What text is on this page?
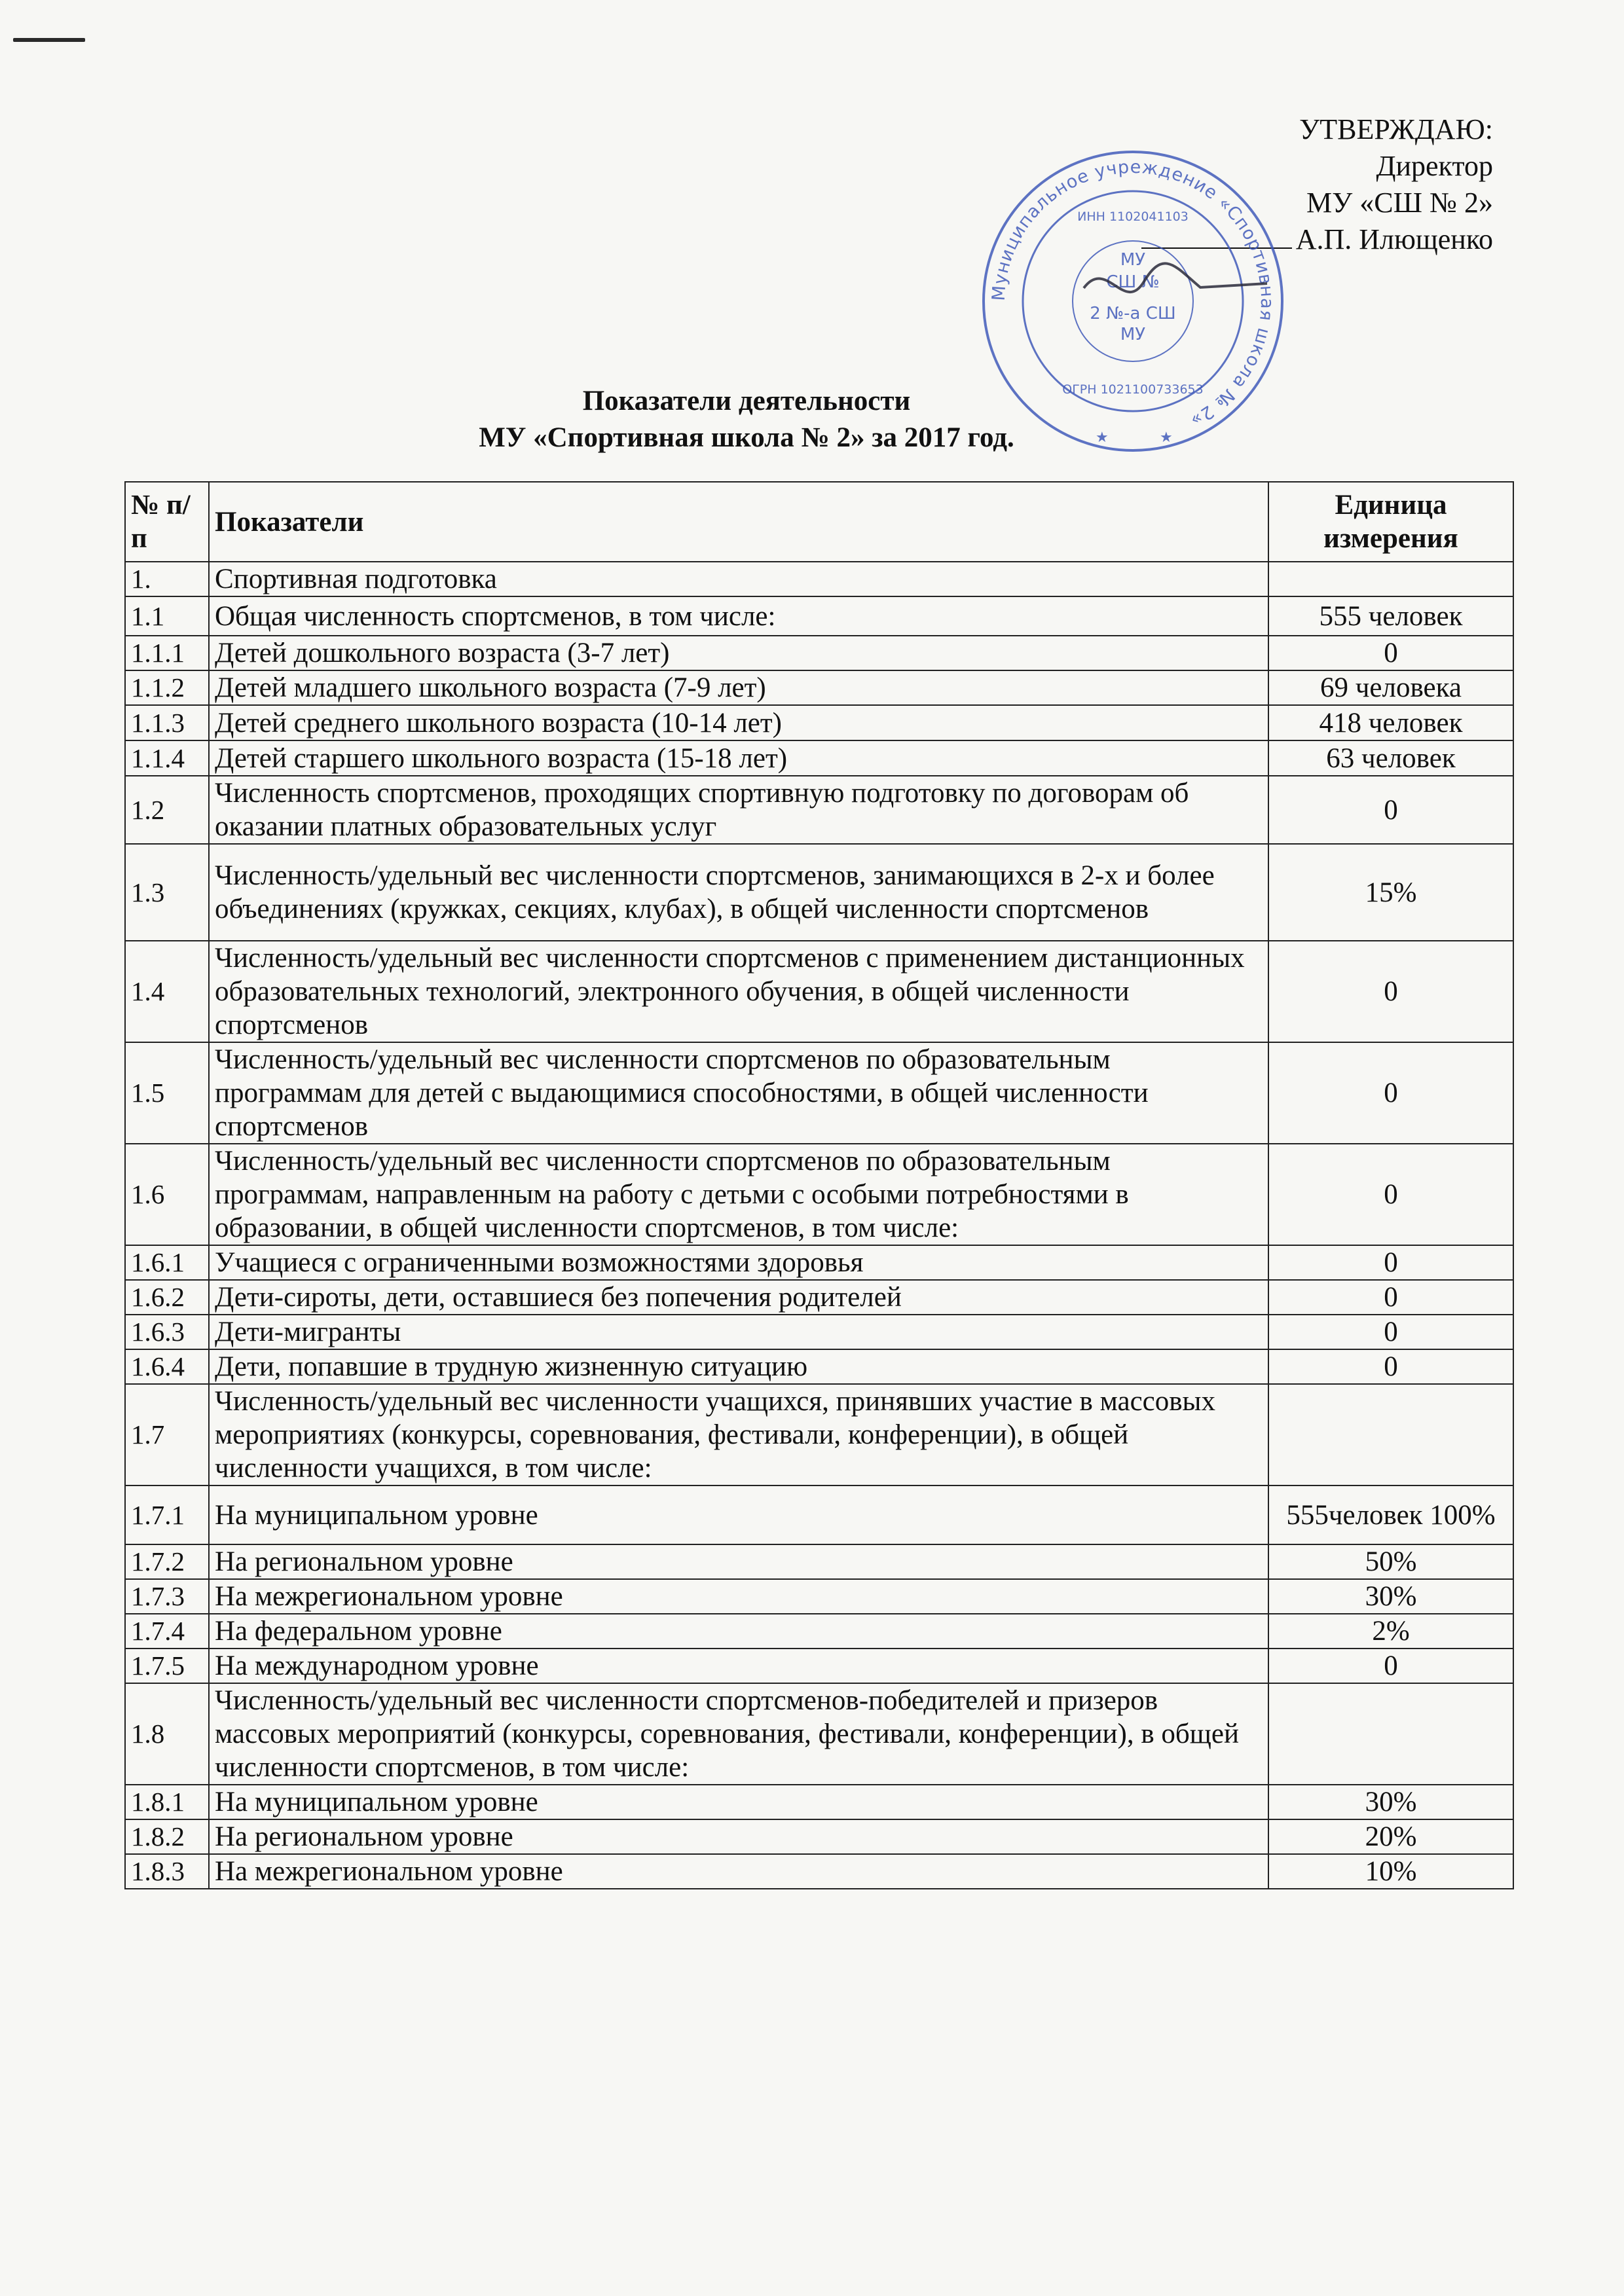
УТВЕРЖДАЮ:
Директор
МУ «СШ № 2»
А.П. Илющенко
Муниципальное учреждение «Спортивная школа № 2»
ИНН 1102041103
ОГРН 1021100733653
МУ
СШ №
2 №-а СШ
МУ
★	★
Показатели деятельности
МУ «Спортивная школа № 2» за 2017 год.
№ п/п	Показатели	Единица измерения
1.	Спортивная подготовка	
1.1	Общая численность спортсменов, в том числе:	555 человек
1.1.1	Детей дошкольного возраста (3-7 лет)	0
1.1.2	Детей младшего школьного возраста (7-9 лет)	69 человека
1.1.3	Детей среднего школьного возраста (10-14 лет)	418 человек
1.1.4	Детей старшего школьного возраста (15-18 лет)	63 человек
1.2	Численность спортсменов, проходящих спортивную подготовку по договорам об оказании платных образовательных услуг	0
1.3	Численность/удельный вес численности спортсменов, занимающихся в 2-х и более объединениях (кружках, секциях, клубах), в общей численности спортсменов	15%
1.4	Численность/удельный вес численности спортсменов с применением дистанционных образовательных технологий, электронного обучения, в общей численности спортсменов	0
1.5	Численность/удельный вес численности спортсменов по образовательным программам для детей с выдающимися способностями, в общей численности спортсменов	0
1.6	Численность/удельный вес численности спортсменов по образовательным программам, направленным на работу с детьми с особыми потребностями в образовании, в общей численности спортсменов, в том числе:	0
1.6.1	Учащиеся с ограниченными возможностями здоровья	0
1.6.2	Дети-сироты, дети, оставшиеся без попечения родителей	0
1.6.3	Дети-мигранты	0
1.6.4	Дети, попавшие в трудную жизненную ситуацию	0
1.7	Численность/удельный вес численности учащихся, принявших участие в массовых мероприятиях (конкурсы, соревнования, фестивали, конференции), в общей численности учащихся, в том числе:	
1.7.1	На муниципальном уровне	555человек 100%
1.7.2	На региональном уровне	50%
1.7.3	На межрегиональном уровне	30%
1.7.4	На федеральном уровне	2%
1.7.5	На международном уровне	0
1.8	Численность/удельный вес численности спортсменов-победителей и призеров массовых мероприятий (конкурсы, соревнования, фестивали, конференции), в общей численности спортсменов, в том числе:	
1.8.1	На муниципальном уровне	30%
1.8.2	На региональном уровне	20%
1.8.3	На межрегиональном уровне	10%
